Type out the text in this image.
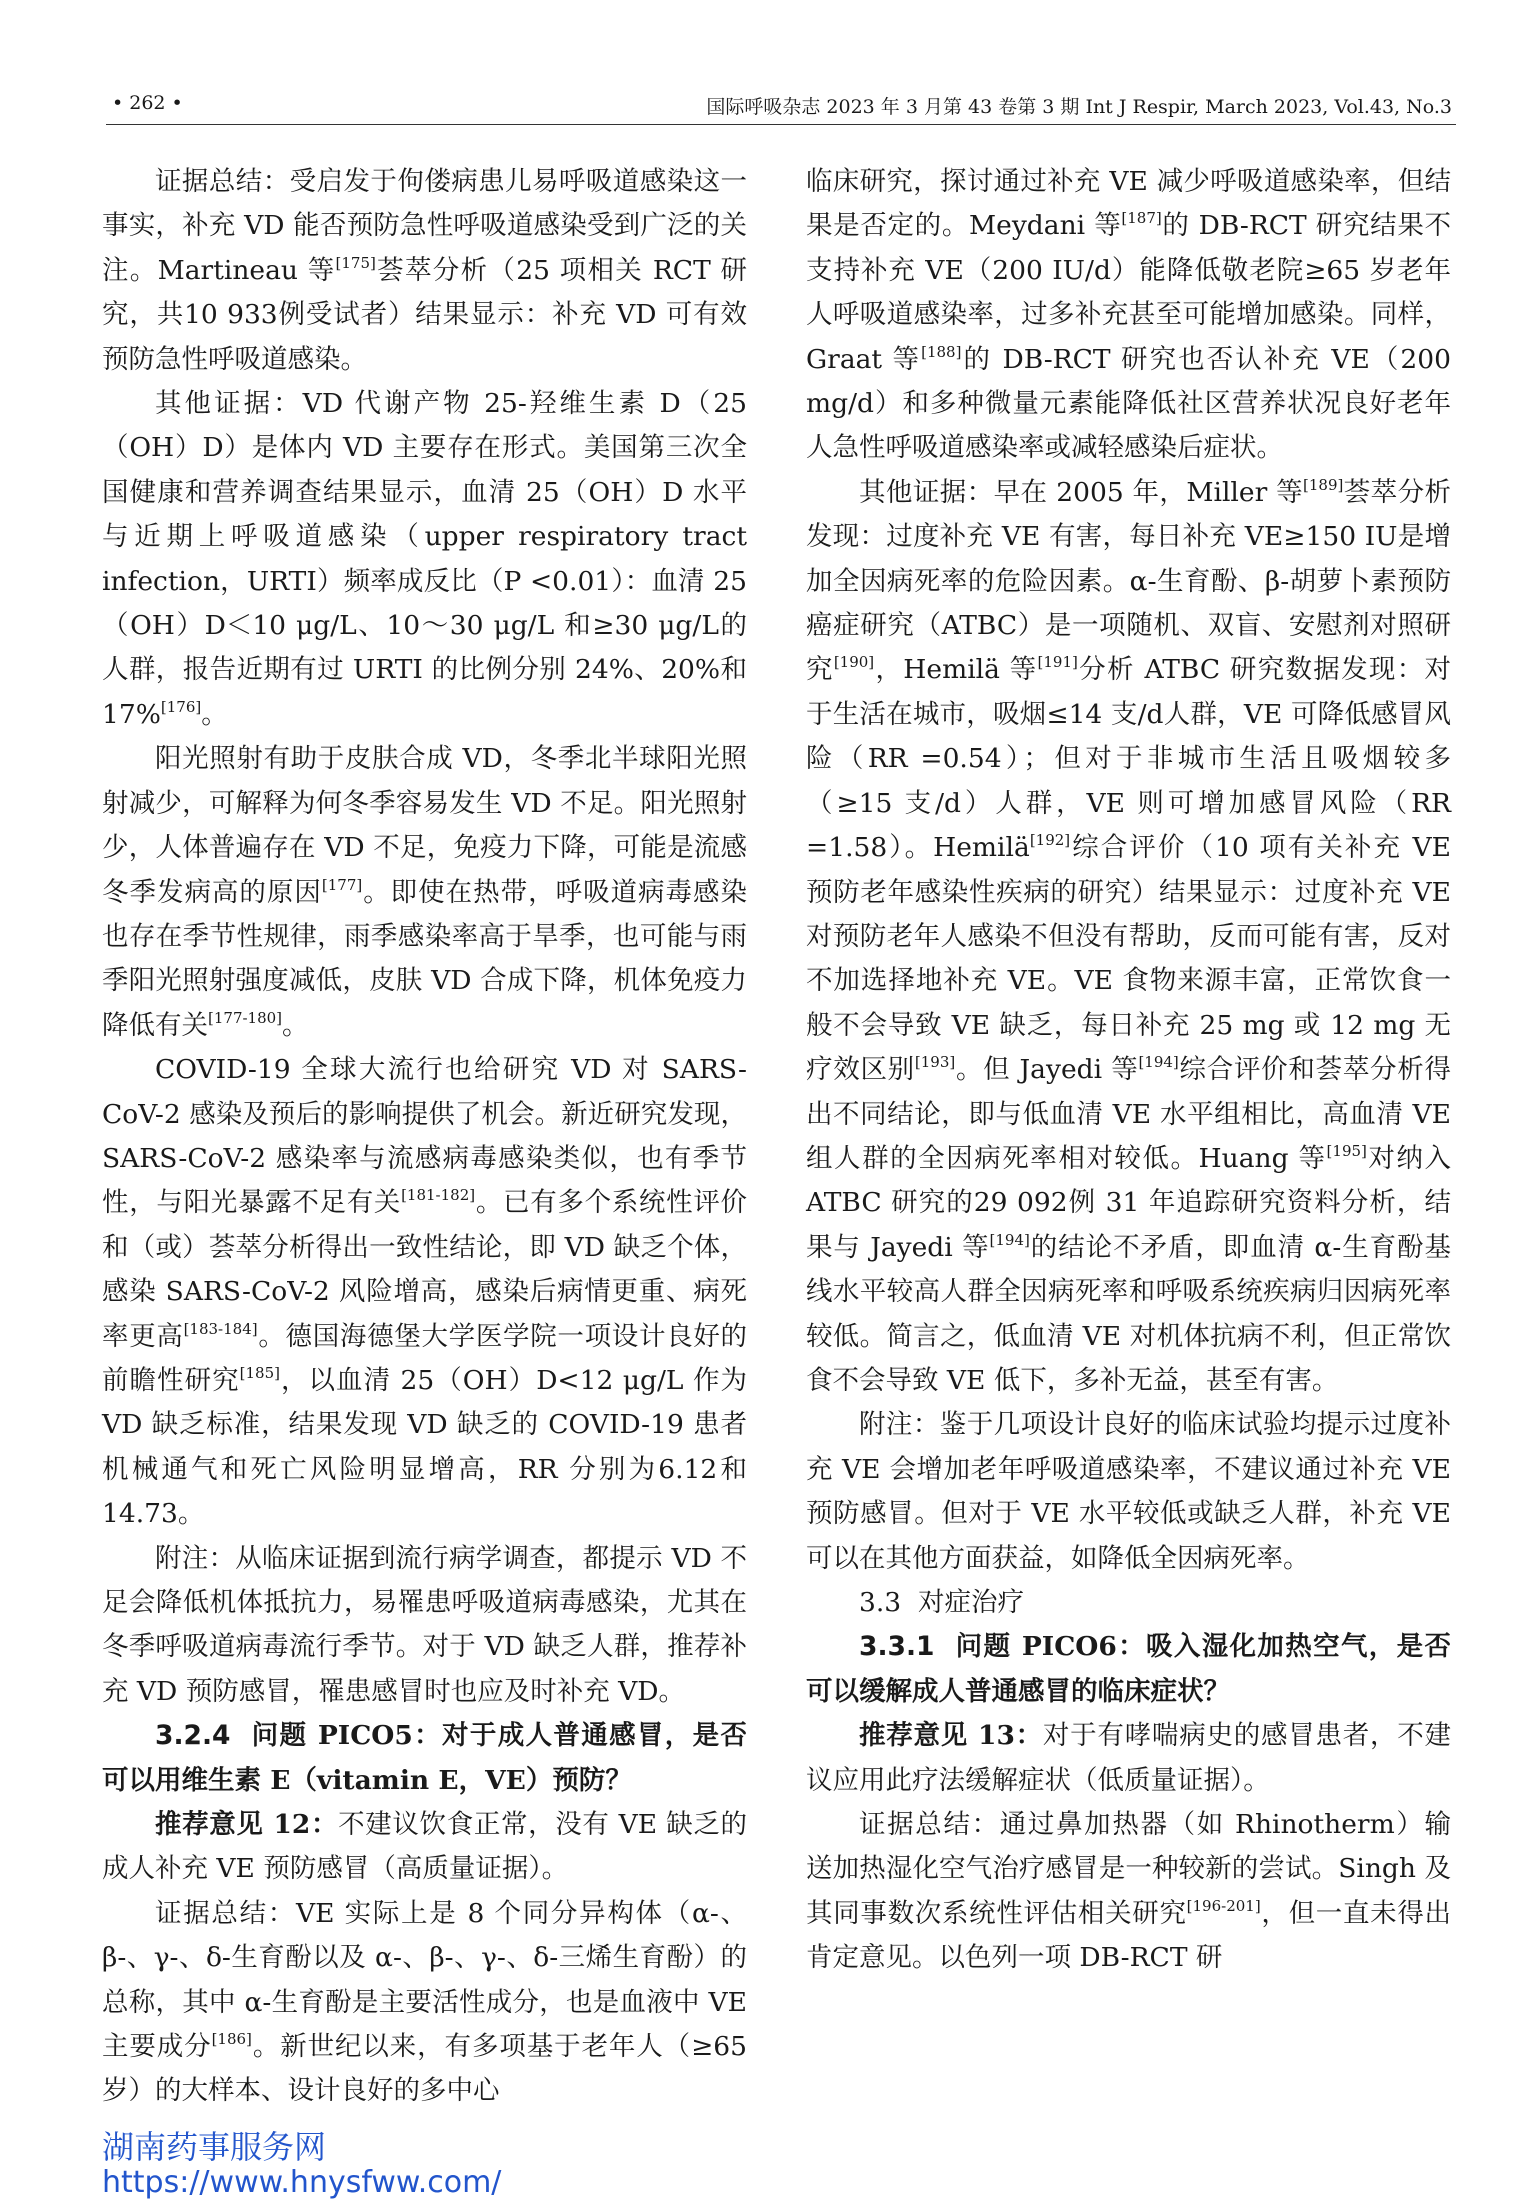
• 262 •	国际呼吸杂志 2023 年 3 月第 43 卷第 3 期 Int J Respir, March 2023, Vol.43, No.3

证据总结：受启发于佝偻病患儿易呼吸道感染这一事实，补充 VD 能否预防急性呼吸道感染受到广泛的关注。Martineau 等[175]荟萃分析（25 项相关 RCT 研究，共10 933例受试者）结果显示：补充 VD 可有效预防急性呼吸道感染。

其他证据：VD 代谢产物 25-羟维生素 D（25（OH）D）是体内 VD 主要存在形式。美国第三次全国健康和营养调查结果显示，血清 25（OH）D 水平与近期上呼吸道感染（upper respiratory tract infection，URTI）频率成反比（P <0.01）：血清 25（OH）D＜10 μg/L、10～30 μg/L 和≥30 μg/L的人群，报告近期有过 URTI 的比例分别 24%、20%和 17%[176]。

阳光照射有助于皮肤合成 VD，冬季北半球阳光照射减少，可解释为何冬季容易发生 VD 不足。阳光照射少，人体普遍存在 VD 不足，免疫力下降，可能是流感冬季发病高的原因[177]。即使在热带，呼吸道病毒感染也存在季节性规律，雨季感染率高于旱季，也可能与雨季阳光照射强度减低，皮肤 VD 合成下降，机体免疫力降低有关[177-180]。

COVID-19 全球大流行也给研究 VD 对 SARS-CoV-2 感染及预后的影响提供了机会。新近研究发现，SARS-CoV-2 感染率与流感病毒感染类似，也有季节性，与阳光暴露不足有关[181-182]。已有多个系统性评价和（或）荟萃分析得出一致性结论，即 VD 缺乏个体，感染 SARS-CoV-2 风险增高，感染后病情更重、病死率更高[183-184]。德国海德堡大学医学院一项设计良好的前瞻性研究[185]，以血清 25（OH）D<12 μg/L 作为 VD 缺乏标准，结果发现 VD 缺乏的 COVID-19 患者机械通气和死亡风险明显增高，RR 分别为6.12和14.73。

附注：从临床证据到流行病学调查，都提示 VD 不足会降低机体抵抗力，易罹患呼吸道病毒感染，尤其在冬季呼吸道病毒流行季节。对于 VD 缺乏人群，推荐补充 VD 预防感冒，罹患感冒时也应及时补充 VD。

3.2.4 问题 PICO5：对于成人普通感冒，是否可以用维生素 E（vitamin E，VE）预防？

推荐意见 12：不建议饮食正常，没有 VE 缺乏的成人补充 VE 预防感冒（高质量证据）。

证据总结：VE 实际上是 8 个同分异构体（α-、β-、γ-、δ-生育酚以及 α-、β-、γ-、δ-三烯生育酚）的总称，其中 α-生育酚是主要活性成分，也是血液中 VE 主要成分[186]。新世纪以来，有多项基于老年人（≥65 岁）的大样本、设计良好的多中心

临床研究，探讨通过补充 VE 减少呼吸道感染率，但结果是否定的。Meydani 等[187]的 DB-RCT 研究结果不支持补充 VE（200 IU/d）能降低敬老院≥65 岁老年人呼吸道感染率，过多补充甚至可能增加感染。同样，Graat 等[188]的 DB-RCT 研究也否认补充 VE（200 mg/d）和多种微量元素能降低社区营养状况良好老年人急性呼吸道感染率或减轻感染后症状。

其他证据：早在 2005 年，Miller 等[189]荟萃分析发现：过度补充 VE 有害，每日补充 VE≥150 IU是增加全因病死率的危险因素。α-生育酚、β-胡萝卜素预防癌症研究（ATBC）是一项随机、双盲、安慰剂对照研究[190]，Hemilä 等[191]分析 ATBC 研究数据发现：对于生活在城市，吸烟≤14 支/d人群，VE 可降低感冒风险（RR =0.54）；但对于非城市生活且吸烟较多（≥15 支/d）人群，VE 则可增加感冒风险（RR =1.58）。Hemilä[192]综合评价（10 项有关补充 VE 预防老年感染性疾病的研究）结果显示：过度补充 VE 对预防老年人感染不但没有帮助，反而可能有害，反对不加选择地补充 VE。VE 食物来源丰富，正常饮食一般不会导致 VE 缺乏，每日补充 25 mg 或 12 mg 无疗效区别[193]。但 Jayedi 等[194]综合评价和荟萃分析得出不同结论，即与低血清 VE 水平组相比，高血清 VE 组人群的全因病死率相对较低。Huang 等[195]对纳入 ATBC 研究的29 092例 31 年追踪研究资料分析，结果与 Jayedi 等[194]的结论不矛盾，即血清 α-生育酚基线水平较高人群全因病死率和呼吸系统疾病归因病死率较低。简言之，低血清 VE 对机体抗病不利，但正常饮食不会导致 VE 低下，多补无益，甚至有害。

附注：鉴于几项设计良好的临床试验均提示过度补充 VE 会增加老年呼吸道感染率，不建议通过补充 VE 预防感冒。但对于 VE 水平较低或缺乏人群，补充 VE 可以在其他方面获益，如降低全因病死率。

3.3 对症治疗

3.3.1 问题 PICO6：吸入湿化加热空气，是否可以缓解成人普通感冒的临床症状？

推荐意见 13：对于有哮喘病史的感冒患者，不建议应用此疗法缓解症状（低质量证据）。

证据总结：通过鼻加热器（如 Rhinotherm）输送加热湿化空气治疗感冒是一种较新的尝试。Singh 及其同事数次系统性评估相关研究[196-201]，但一直未得出肯定意见。以色列一项 DB-RCT 研

湖南药事服务网
https://www.hnysfww.com/
